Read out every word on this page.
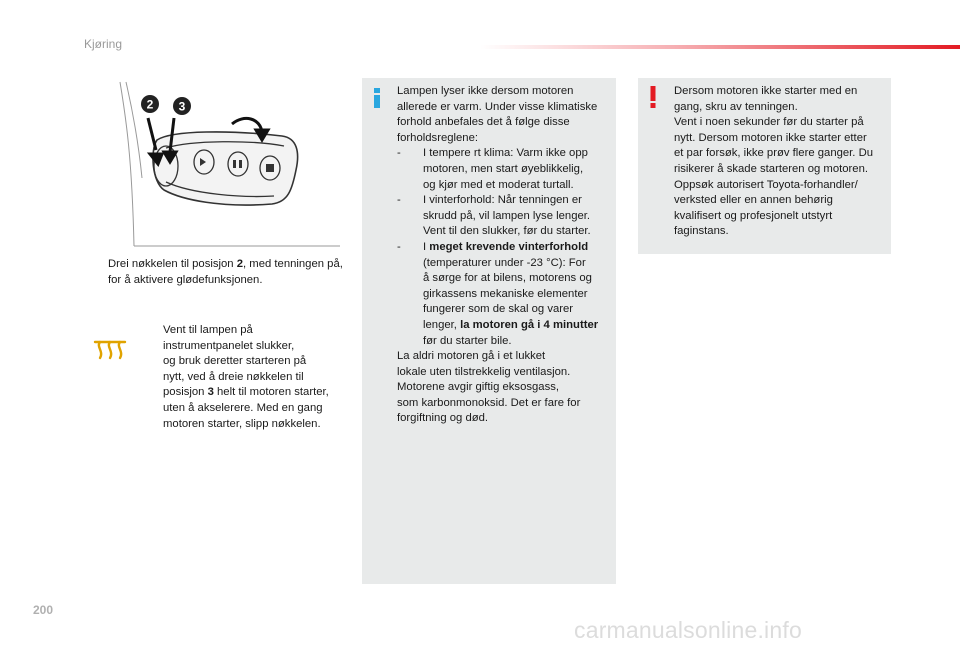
Kjøring
2 3

Drei nøkkelen til posisjon 2, med tenningen på, for å aktivere glødefunksjonen.

Vent til lampen på

instrumentpanelet slukker,

og bruk deretter starteren på

nytt, ved å dreie nøkkelen til

posisjon 3 helt til motoren starter, uten å akselerere. Med en gang motoren starter, slipp nøkkelen.

Lampen lyser ikke dersom motoren

allerede er varm. Under visse klimatiske

forhold anbefales det å følge disse

forholdsreglene:

- I tempere rt klima: Varm ikke opp

motoren, men start øyeblikkelig,

og kjør med et moderat turtall.

- I vinterforhold: Når tenningen er

skrudd på, vil lampen lyse lenger.

Vent til den slukker, før du starter.

- I meget krevende vinterforhold

(temperaturer under -23 °C): For

å sørge for at bilens, motorens og

girkassens mekaniske elementer

fungerer som de skal og varer

lenger, la motoren gå i 4 minutter

før du starter bile.

La aldri motoren gå i et lukket

lokale uten tilstrekkelig ventilasjon.

Motorene avgir giftig eksosgass,

som karbonmonoksid. Det er fare for

forgiftning og død.

Dersom motoren ikke starter med en

gang, skru av tenningen.

Vent i noen sekunder før du starter på

nytt. Dersom motoren ikke starter etter

et par forsøk, ikke prøv flere ganger. Du

risikerer å skade starteren og motoren.

Oppsøk autorisert Toyota-forhandler/

verksted eller en annen behørig

kvalifisert og profesjonelt utstyrt

faginstans.

200
carmanualsonline.info
